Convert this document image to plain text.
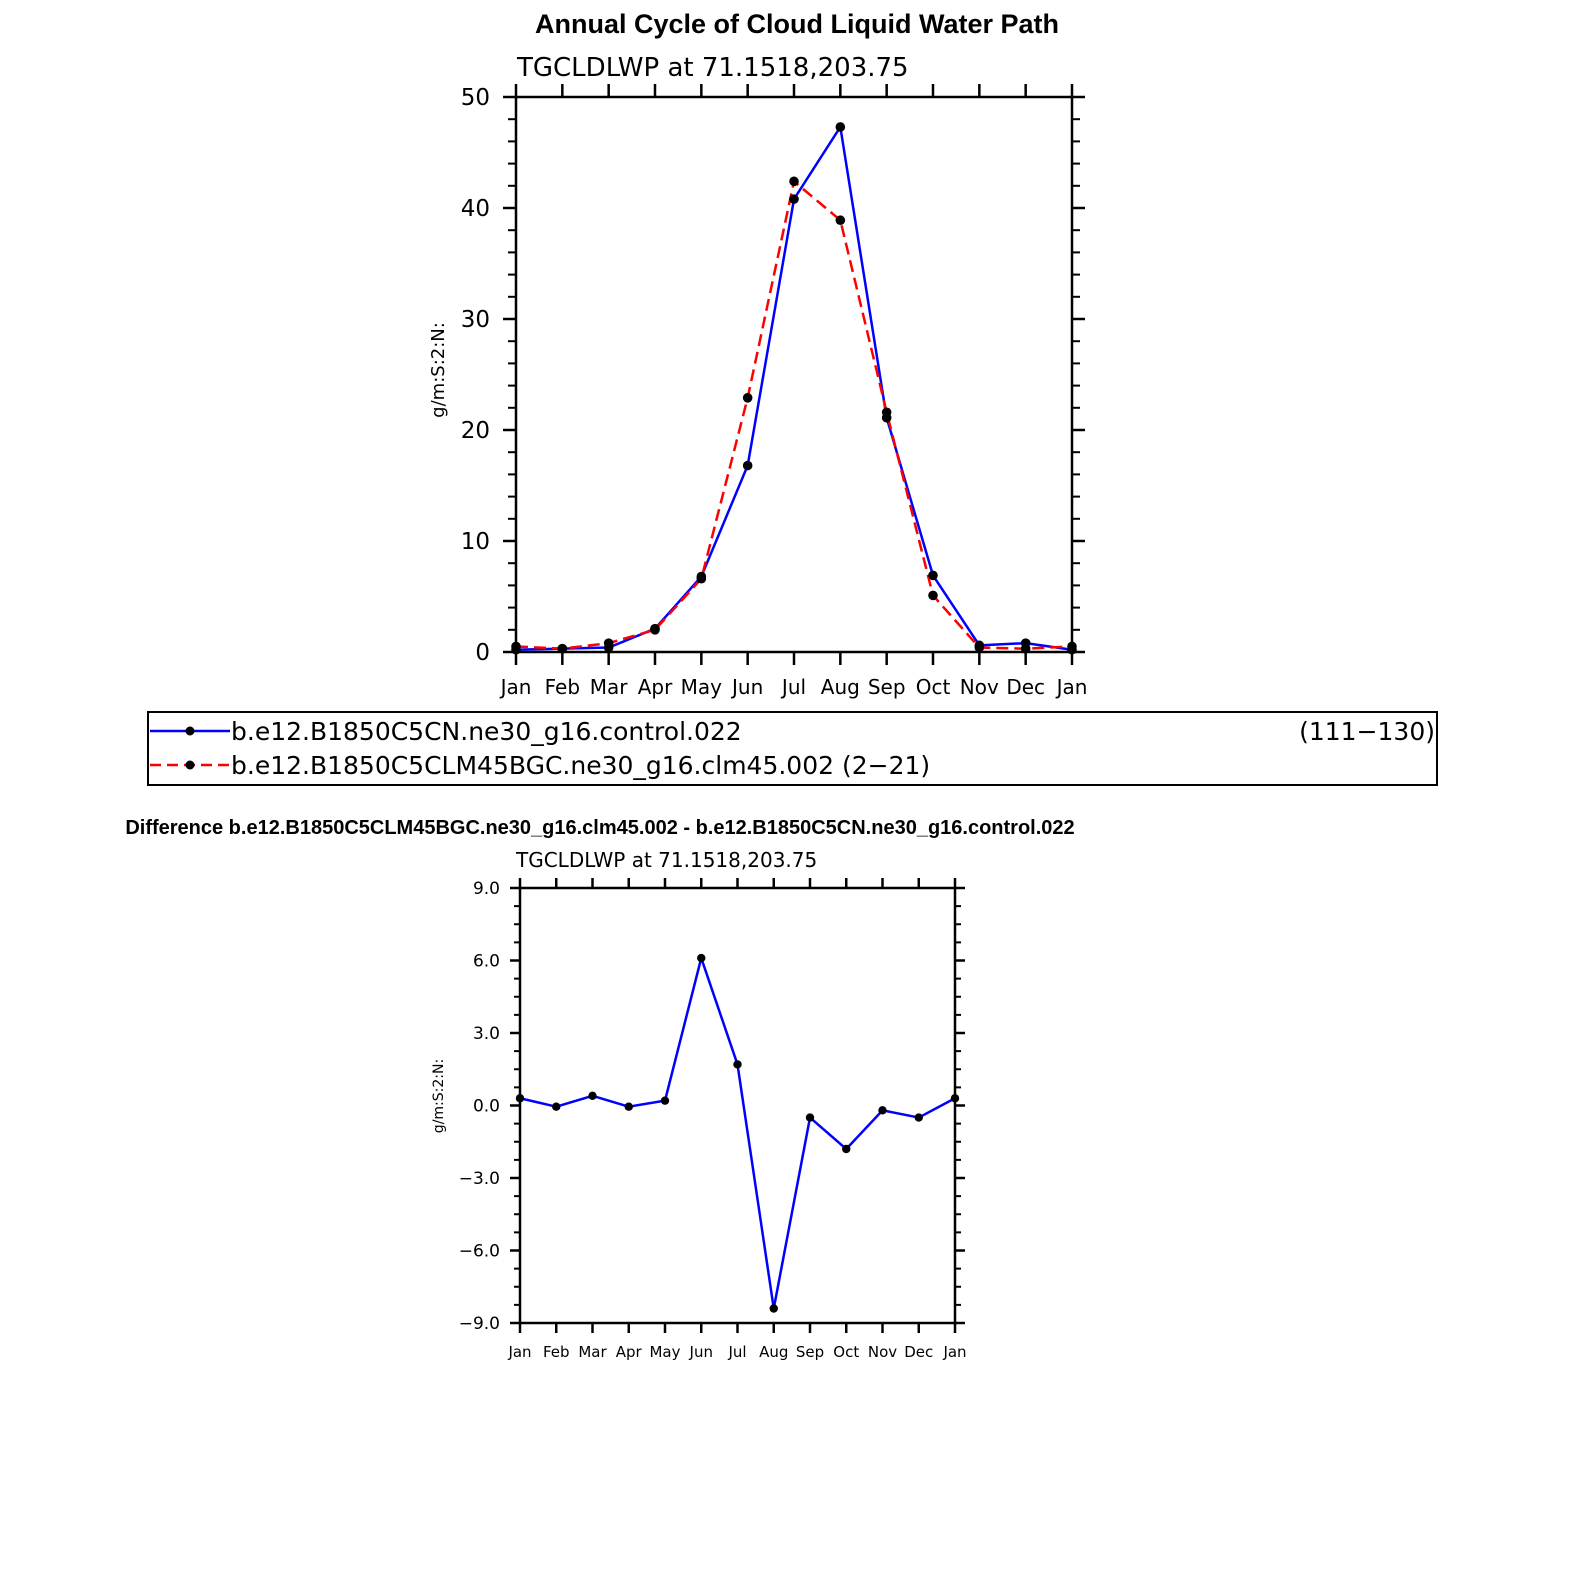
Annual Cycle of Cloud Liquid Water Path
TGCLDLWP at 71.1518,203.75
g/m:S:2:N:
Jan Feb Mar Apr May Jun Jul Aug Sep Oct Nov Dec Jan
0
10
20
30
40
50
b.e12.B1850C5CN.ne30_g16.control.022	(111−130)
b.e12.B1850C5CLM45BGC.ne30_g16.clm45.002 (2−21)
Difference b.e12.B1850C5CLM45BGC.ne30_g16.clm45.002 - b.e12.B1850C5CN.ne30_g16.control.022
TGCLDLWP at 71.1518,203.75
g/m:S:2:N:
Jan Feb Mar Apr May Jun Jul Aug Sep Oct Nov Dec Jan
−9.0
−6.0
−3.0
0.0
3.0
6.0
9.0
